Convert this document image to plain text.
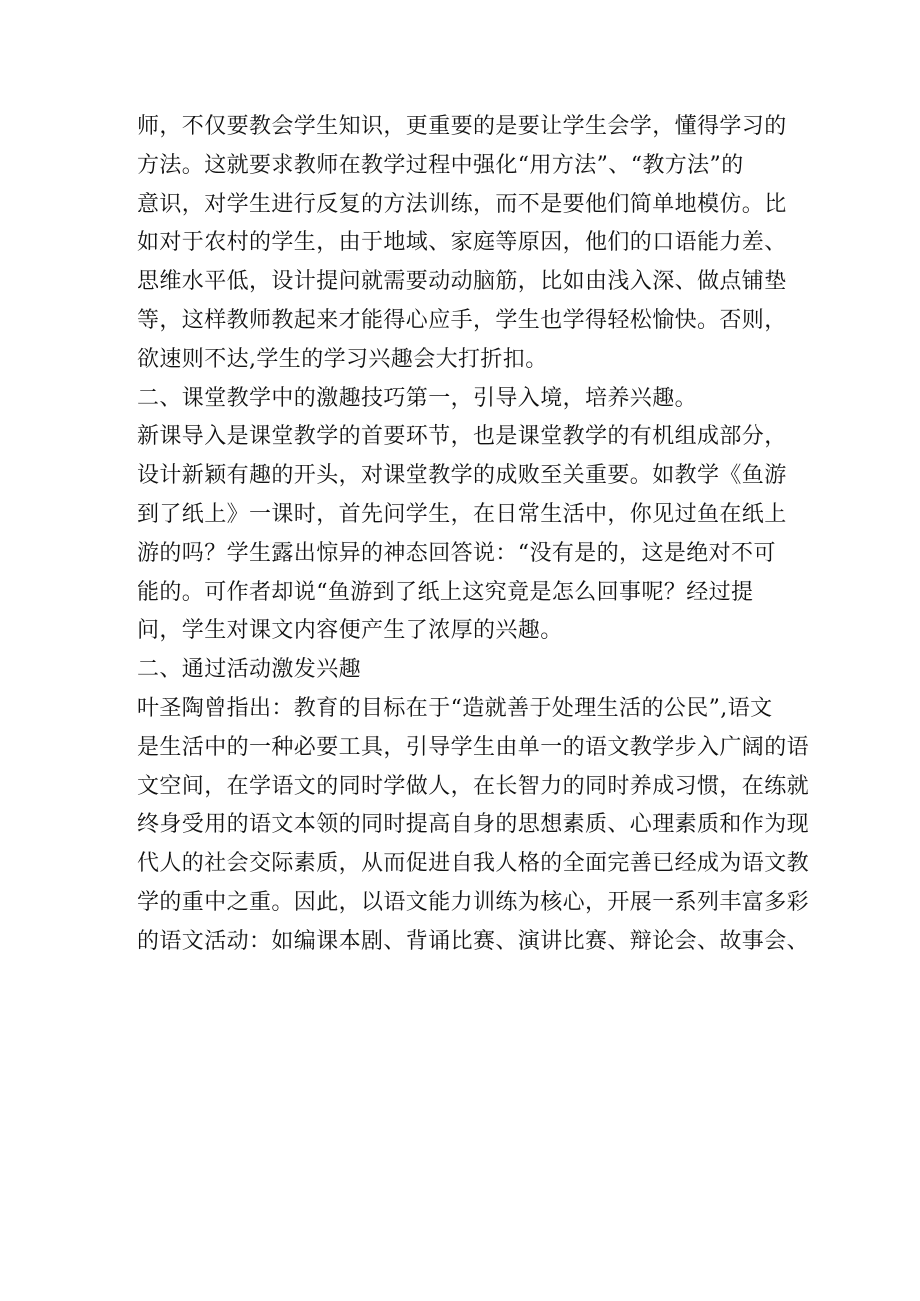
师，不仅要教会学生知识，更重要的是要让学生会学，懂得学习的
方法。这就要求教师在教学过程中强化“用方法”、“教方法”的
意识，对学生进行反复的方法训练，而不是要他们简单地模仿。比
如对于农村的学生，由于地域、家庭等原因，他们的口语能力差、
思维水平低，设计提问就需要动动脑筋，比如由浅入深、做点铺垫
等，这样教师教起来才能得心应手，学生也学得轻松愉快。否则，
欲速则不达,学生的学习兴趣会大打折扣。
二、课堂教学中的激趣技巧第一，引导入境，培养兴趣。
新课导入是课堂教学的首要环节，也是课堂教学的有机组成部分，
设计新颖有趣的开头，对课堂教学的成败至关重要。如教学《鱼游
到了纸上》一课时，首先问学生，在日常生活中，你见过鱼在纸上
游的吗？学生露出惊异的神态回答说：“没有是的，这是绝对不可
能的。可作者却说“鱼游到了纸上这究竟是怎么回事呢？经过提
问，学生对课文内容便产生了浓厚的兴趣。
二、通过活动激发兴趣
叶圣陶曾指出：教育的目标在于“造就善于处理生活的公民”,语文
是生活中的一种必要工具，引导学生由单一的语文教学步入广阔的语
文空间，在学语文的同时学做人，在长智力的同时养成习惯，在练就
终身受用的语文本领的同时提高自身的思想素质、心理素质和作为现
代人的社会交际素质，从而促进自我人格的全面完善已经成为语文教
学的重中之重。因此，以语文能力训练为核心，开展一系列丰富多彩
的语文活动：如编课本剧、背诵比赛、演讲比赛、辩论会、故事会、
